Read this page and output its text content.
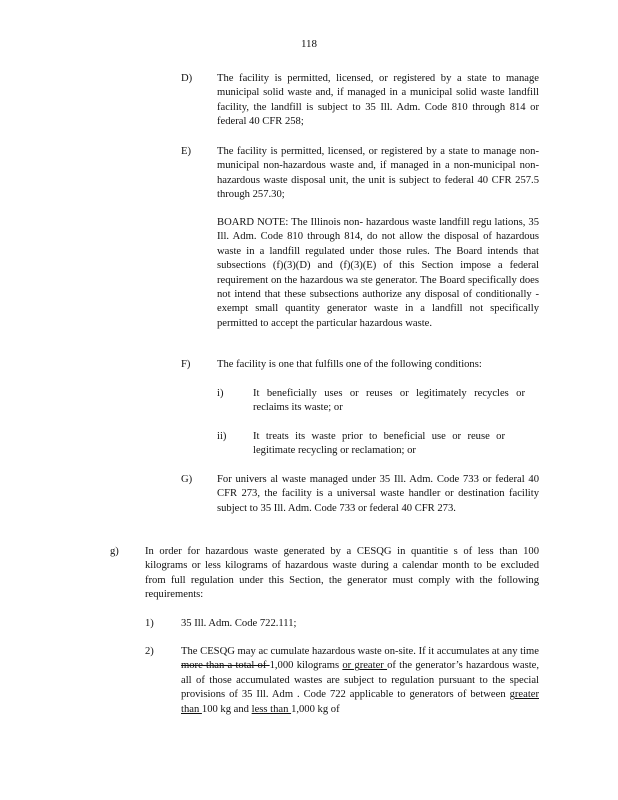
118
D) The facility is permitted, licensed, or registered by a state to manage municipal solid waste and, if managed in a municipal solid waste landfill facility, the landfill is subject to 35 Ill. Adm. Code 810 through 814 or federal 40 CFR 258;
E) The facility is permitted, licensed, or registered by a state to manage non-municipal non-hazardous waste and, if managed in a non-municipal non-hazardous waste disposal unit, the unit is subject to federal 40 CFR 257.5 through 257.30;
BOARD NOTE: The Illinois non- hazardous waste landfill regu lations, 35 Ill. Adm. Code 810 through 814, do not allow the disposal of hazardous waste in a landfill regulated under those rules. The Board intends that subsections (f)(3)(D) and (f)(3)(E) of this Section impose a federal requirement on the hazardous wa ste generator. The Board specifically does not intend that these subsections authorize any disposal of conditionally -exempt small quantity generator waste in a landfill not specifically permitted to accept the particular hazardous waste.
F)	The facility is one that fulfills one of the following conditions:
i)	It beneficially uses or reuses or legitimately recycles or reclaims its waste; or
ii)	It treats its waste prior to beneficial use or reuse or legitimate recycling or reclamation; or
G) For univers al waste managed under 35 Ill. Adm. Code 733 or federal 40 CFR 273, the facility is a universal waste handler or destination facility subject to 35 Ill. Adm. Code 733 or federal 40 CFR 273.
g) In order for hazardous waste generated by a CESQG in quantitie s of less than 100 kilograms or less kilograms of hazardous waste during a calendar month to be excluded from full regulation under this Section, the generator must comply with the following requirements:
1)	35 Ill. Adm. Code 722.111;
2)	The CESQG may ac cumulate hazardous waste on-site. If it accumulates at any time more than a total of 1,000 kilograms or greater of the generator’s hazardous waste, all of those accumulated wastes are subject to regulation pursuant to the special provisions of 35 Ill. Adm . Code 722 applicable to generators of between greater than 100 kg and less than 1,000 kg of
